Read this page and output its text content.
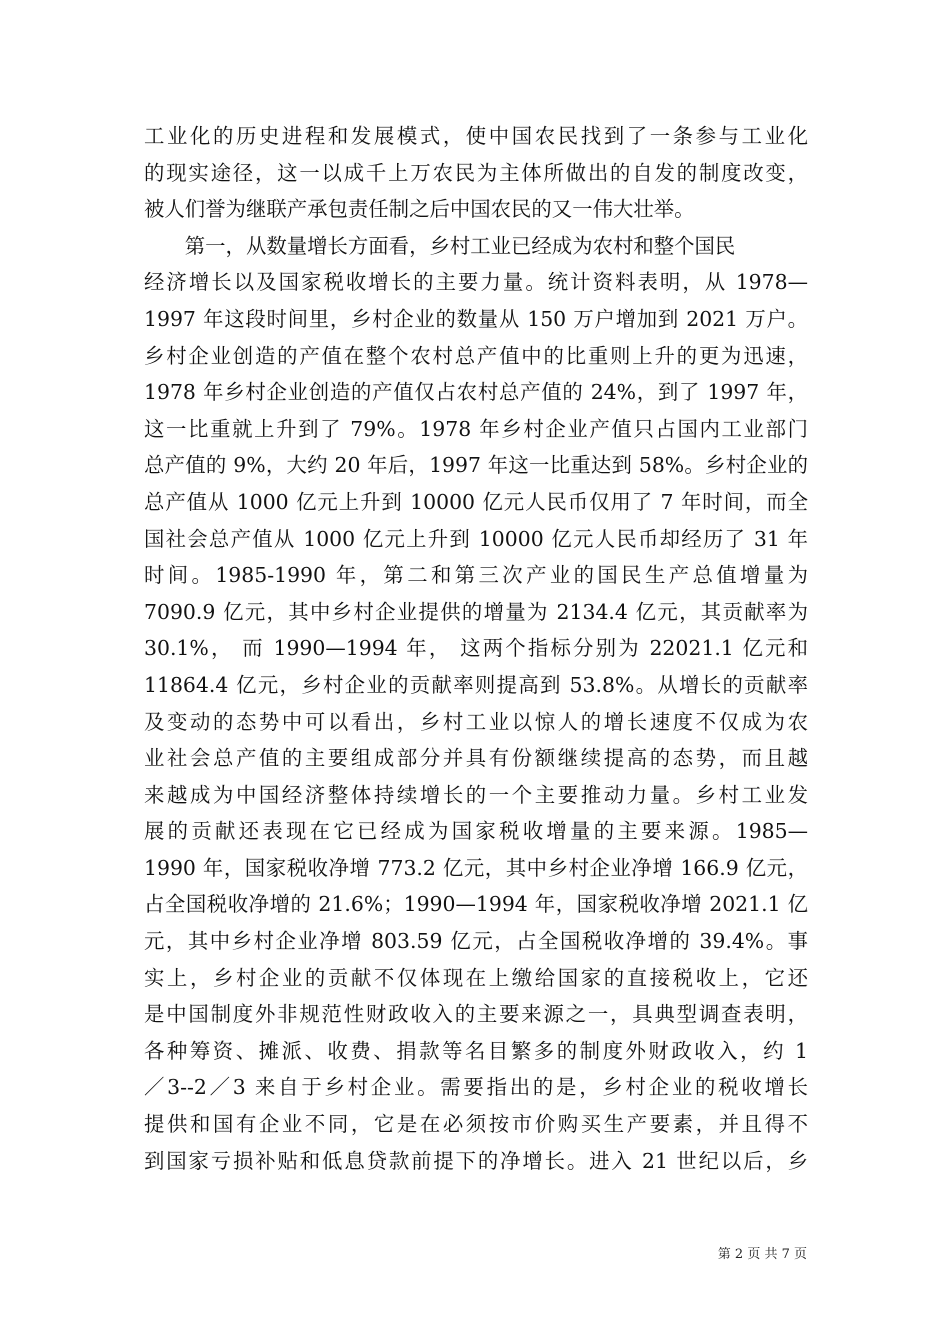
工业化的历史进程和发展模式，使中国农民找到了一条参与工业化
的现实途径，这一以成千上万农民为主体所做出的自发的制度改变，
被人们誉为继联产承包责任制之后中国农民的又一伟大壮举。
　　第一，从数量增长方面看，乡村工业已经成为农村和整个国民
经济增长以及国家税收增长的主要力量。统计资料表明，从 1978—
1997 年这段时间里，乡村企业的数量从 150 万户增加到 2021 万户。
乡村企业创造的产值在整个农村总产值中的比重则上升的更为迅速，
1978 年乡村企业创造的产值仅占农村总产值的 24%，到了 1997 年，
这一比重就上升到了 79%。1978 年乡村企业产值只占国内工业部门
总产值的 9%，大约 20 年后，1997 年这一比重达到 58%。乡村企业的
总产值从 1000 亿元上升到 10000 亿元人民币仅用了 7 年时间，而全
国社会总产值从 1000 亿元上升到 10000 亿元人民币却经历了 31 年
时间。1985-1990 年，第二和第三次产业的国民生产总值增量为
7090.9 亿元，其中乡村企业提供的增量为 2134.4 亿元，其贡献率为
30.1%， 而 1990—1994 年， 这两个指标分别为 22021.1 亿元和
11864.4 亿元，乡村企业的贡献率则提高到 53.8%。从增长的贡献率
及变动的态势中可以看出，乡村工业以惊人的增长速度不仅成为农
业社会总产值的主要组成部分并具有份额继续提高的态势，而且越
来越成为中国经济整体持续增长的一个主要推动力量。乡村工业发
展的贡献还表现在它已经成为国家税收增量的主要来源。1985—
1990 年，国家税收净增 773.2 亿元，其中乡村企业净增 166.9 亿元，
占全国税收净增的 21.6%；1990—1994 年，国家税收净增 2021.1 亿
元，其中乡村企业净增 803.59 亿元，占全国税收净增的 39.4%。事
实上，乡村企业的贡献不仅体现在上缴给国家的直接税收上，它还
是中国制度外非规范性财政收入的主要来源之一，具典型调查表明，
各种筹资、摊派、收费、捐款等名目繁多的制度外财政收入，约 1
／3--2／3 来自于乡村企业。需要指出的是，乡村企业的税收增长
提供和国有企业不同，它是在必须按市价购买生产要素，并且得不
到国家亏损补贴和低息贷款前提下的净增长。进入 21 世纪以后，乡
第 2 页 共 7 页
